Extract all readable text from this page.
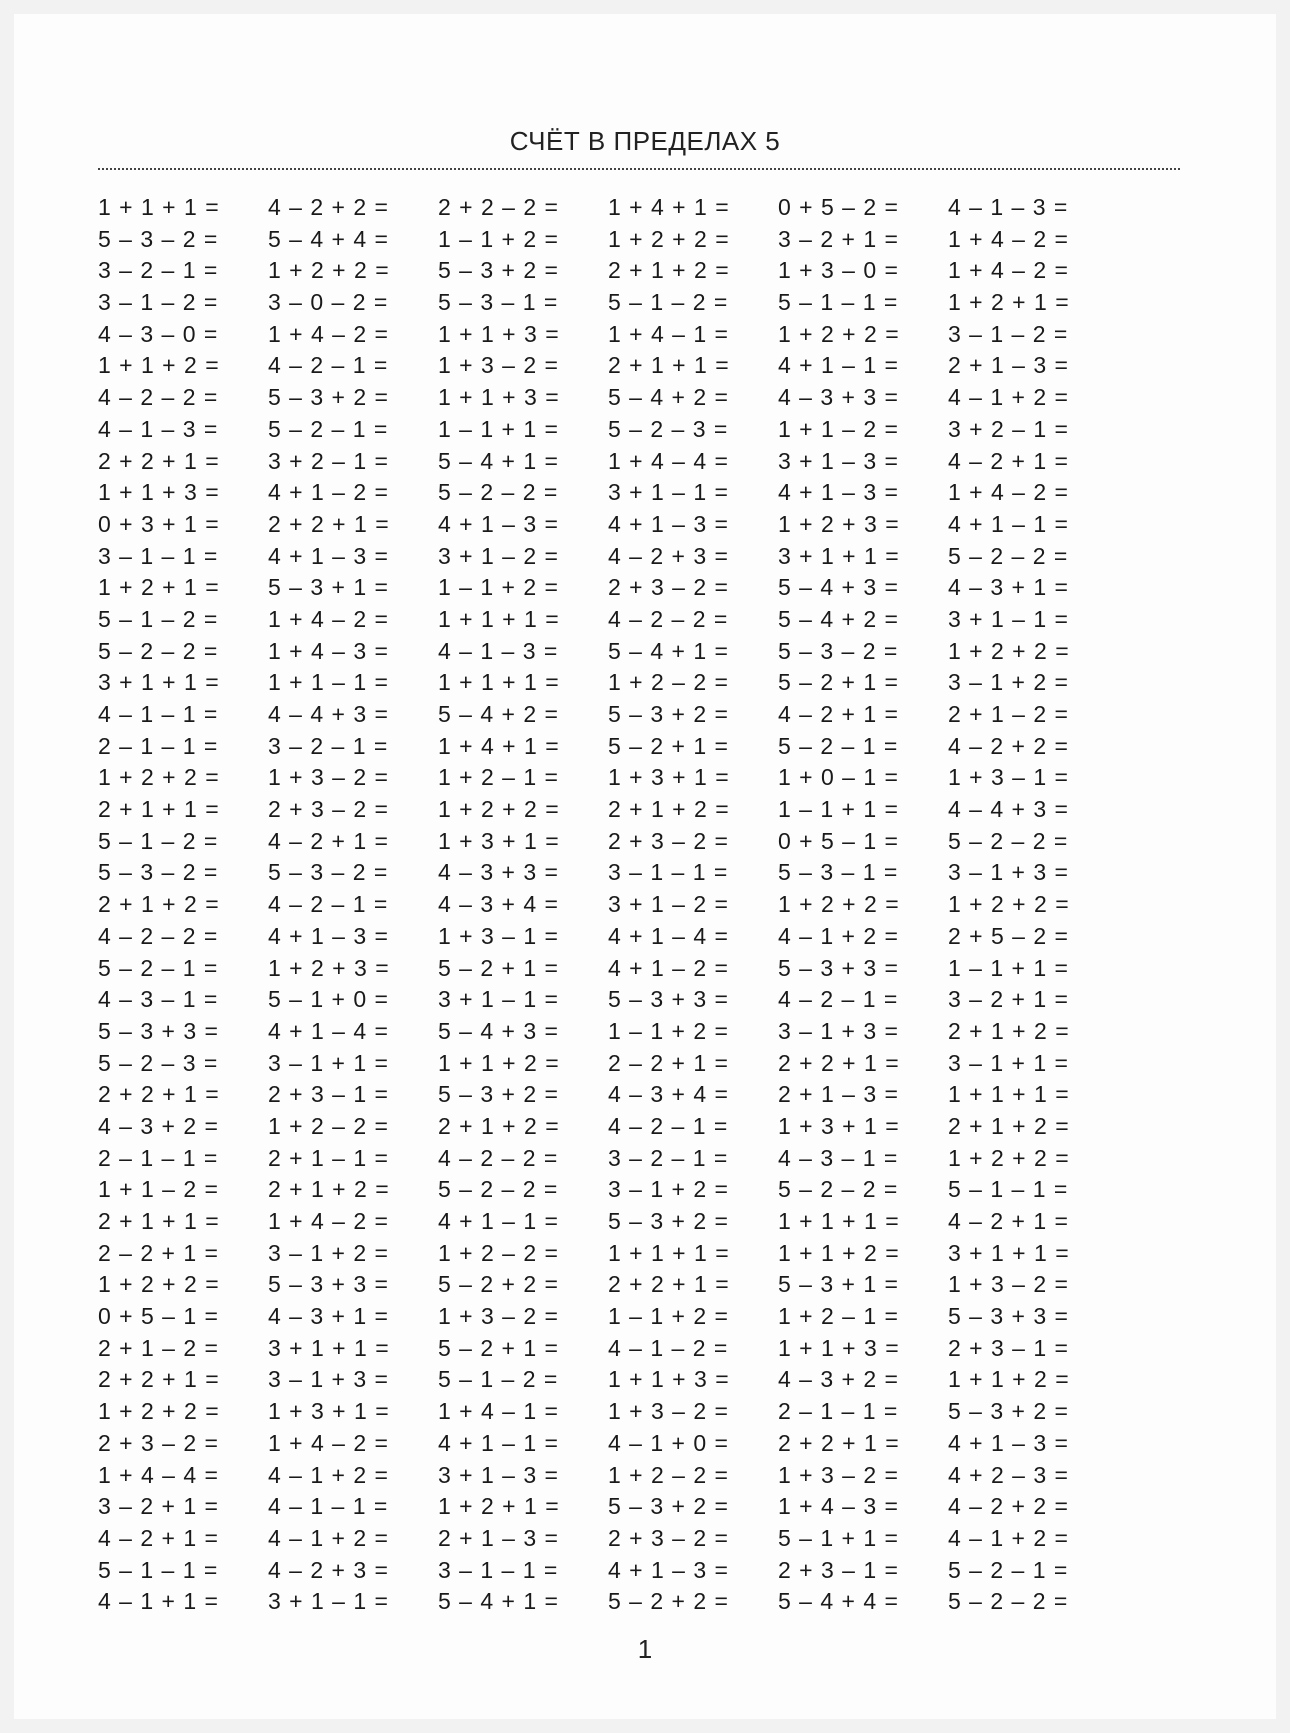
СЧЁТ В ПРЕДЕЛАХ 5
1 + 1 + 1 =
5 – 3 – 2 =
3 – 2 – 1 =
3 – 1 – 2 =
4 – 3 – 0 =
1 + 1 + 2 =
4 – 2 – 2 =
4 – 1 – 3 =
2 + 2 + 1 =
1 + 1 + 3 =
0 + 3 + 1 =
3 – 1 – 1 =
1 + 2 + 1 =
5 – 1 – 2 =
5 – 2 – 2 =
3 + 1 + 1 =
4 – 1 – 1 =
2 – 1 – 1 =
1 + 2 + 2 =
2 + 1 + 1 =
5 – 1 – 2 =
5 – 3 – 2 =
2 + 1 + 2 =
4 – 2 – 2 =
5 – 2 – 1 =
4 – 3 – 1 =
5 – 3 + 3 =
5 – 2 – 3 =
2 + 2 + 1 =
4 – 3 + 2 =
2 – 1 – 1 =
1 + 1 – 2 =
2 + 1 + 1 =
2 – 2 + 1 =
1 + 2 + 2 =
0 + 5 – 1 =
2 + 1 – 2 =
2 + 2 + 1 =
1 + 2 + 2 =
2 + 3 – 2 =
1 + 4 – 4 =
3 – 2 + 1 =
4 – 2 + 1 =
5 – 1 – 1 =
4 – 1 + 1 =
4 – 2 + 2 =
5 – 4 + 4 =
1 + 2 + 2 =
3 – 0 – 2 =
1 + 4 – 2 =
4 – 2 – 1 =
5 – 3 + 2 =
5 – 2 – 1 =
3 + 2 – 1 =
4 + 1 – 2 =
2 + 2 + 1 =
4 + 1 – 3 =
5 – 3 + 1 =
1 + 4 – 2 =
1 + 4 – 3 =
1 + 1 – 1 =
4 – 4 + 3 =
3 – 2 – 1 =
1 + 3 – 2 =
2 + 3 – 2 =
4 – 2 + 1 =
5 – 3 – 2 =
4 – 2 – 1 =
4 + 1 – 3 =
1 + 2 + 3 =
5 – 1 + 0 =
4 + 1 – 4 =
3 – 1 + 1 =
2 + 3 – 1 =
1 + 2 – 2 =
2 + 1 – 1 =
2 + 1 + 2 =
1 + 4 – 2 =
3 – 1 + 2 =
5 – 3 + 3 =
4 – 3 + 1 =
3 + 1 + 1 =
3 – 1 + 3 =
1 + 3 + 1 =
1 + 4 – 2 =
4 – 1 + 2 =
4 – 1 – 1 =
4 – 1 + 2 =
4 – 2 + 3 =
3 + 1 – 1 =
2 + 2 – 2 =
1 – 1 + 2 =
5 – 3 + 2 =
5 – 3 – 1 =
1 + 1 + 3 =
1 + 3 – 2 =
1 + 1 + 3 =
1 – 1 + 1 =
5 – 4 + 1 =
5 – 2 – 2 =
4 + 1 – 3 =
3 + 1 – 2 =
1 – 1 + 2 =
1 + 1 + 1 =
4 – 1 – 3 =
1 + 1 + 1 =
5 – 4 + 2 =
1 + 4 + 1 =
1 + 2 – 1 =
1 + 2 + 2 =
1 + 3 + 1 =
4 – 3 + 3 =
4 – 3 + 4 =
1 + 3 – 1 =
5 – 2 + 1 =
3 + 1 – 1 =
5 – 4 + 3 =
1 + 1 + 2 =
5 – 3 + 2 =
2 + 1 + 2 =
4 – 2 – 2 =
5 – 2 – 2 =
4 + 1 – 1 =
1 + 2 – 2 =
5 – 2 + 2 =
1 + 3 – 2 =
5 – 2 + 1 =
5 – 1 – 2 =
1 + 4 – 1 =
4 + 1 – 1 =
3 + 1 – 3 =
1 + 2 + 1 =
2 + 1 – 3 =
3 – 1 – 1 =
5 – 4 + 1 =
1 + 4 + 1 =
1 + 2 + 2 =
2 + 1 + 2 =
5 – 1 – 2 =
1 + 4 – 1 =
2 + 1 + 1 =
5 – 4 + 2 =
5 – 2 – 3 =
1 + 4 – 4 =
3 + 1 – 1 =
4 + 1 – 3 =
4 – 2 + 3 =
2 + 3 – 2 =
4 – 2 – 2 =
5 – 4 + 1 =
1 + 2 – 2 =
5 – 3 + 2 =
5 – 2 + 1 =
1 + 3 + 1 =
2 + 1 + 2 =
2 + 3 – 2 =
3 – 1 – 1 =
3 + 1 – 2 =
4 + 1 – 4 =
4 + 1 – 2 =
5 – 3 + 3 =
1 – 1 + 2 =
2 – 2 + 1 =
4 – 3 + 4 =
4 – 2 – 1 =
3 – 2 – 1 =
3 – 1 + 2 =
5 – 3 + 2 =
1 + 1 + 1 =
2 + 2 + 1 =
1 – 1 + 2 =
4 – 1 – 2 =
1 + 1 + 3 =
1 + 3 – 2 =
4 – 1 + 0 =
1 + 2 – 2 =
5 – 3 + 2 =
2 + 3 – 2 =
4 + 1 – 3 =
5 – 2 + 2 =
0 + 5 – 2 =
3 – 2 + 1 =
1 + 3 – 0 =
5 – 1 – 1 =
1 + 2 + 2 =
4 + 1 – 1 =
4 – 3 + 3 =
1 + 1 – 2 =
3 + 1 – 3 =
4 + 1 – 3 =
1 + 2 + 3 =
3 + 1 + 1 =
5 – 4 + 3 =
5 – 4 + 2 =
5 – 3 – 2 =
5 – 2 + 1 =
4 – 2 + 1 =
5 – 2 – 1 =
1 + 0 – 1 =
1 – 1 + 1 =
0 + 5 – 1 =
5 – 3 – 1 =
1 + 2 + 2 =
4 – 1 + 2 =
5 – 3 + 3 =
4 – 2 – 1 =
3 – 1 + 3 =
2 + 2 + 1 =
2 + 1 – 3 =
1 + 3 + 1 =
4 – 3 – 1 =
5 – 2 – 2 =
1 + 1 + 1 =
1 + 1 + 2 =
5 – 3 + 1 =
1 + 2 – 1 =
1 + 1 + 3 =
4 – 3 + 2 =
2 – 1 – 1 =
2 + 2 + 1 =
1 + 3 – 2 =
1 + 4 – 3 =
5 – 1 + 1 =
2 + 3 – 1 =
5 – 4 + 4 =
4 – 1 – 3 =
1 + 4 – 2 =
1 + 4 – 2 =
1 + 2 + 1 =
3 – 1 – 2 =
2 + 1 – 3 =
4 – 1 + 2 =
3 + 2 – 1 =
4 – 2 + 1 =
1 + 4 – 2 =
4 + 1 – 1 =
5 – 2 – 2 =
4 – 3 + 1 =
3 + 1 – 1 =
1 + 2 + 2 =
3 – 1 + 2 =
2 + 1 – 2 =
4 – 2 + 2 =
1 + 3 – 1 =
4 – 4 + 3 =
5 – 2 – 2 =
3 – 1 + 3 =
1 + 2 + 2 =
2 + 5 – 2 =
1 – 1 + 1 =
3 – 2 + 1 =
2 + 1 + 2 =
3 – 1 + 1 =
1 + 1 + 1 =
2 + 1 + 2 =
1 + 2 + 2 =
5 – 1 – 1 =
4 – 2 + 1 =
3 + 1 + 1 =
1 + 3 – 2 =
5 – 3 + 3 =
2 + 3 – 1 =
1 + 1 + 2 =
5 – 3 + 2 =
4 + 1 – 3 =
4 + 2 – 3 =
4 – 2 + 2 =
4 – 1 + 2 =
5 – 2 – 1 =
5 – 2 – 2 =
1
